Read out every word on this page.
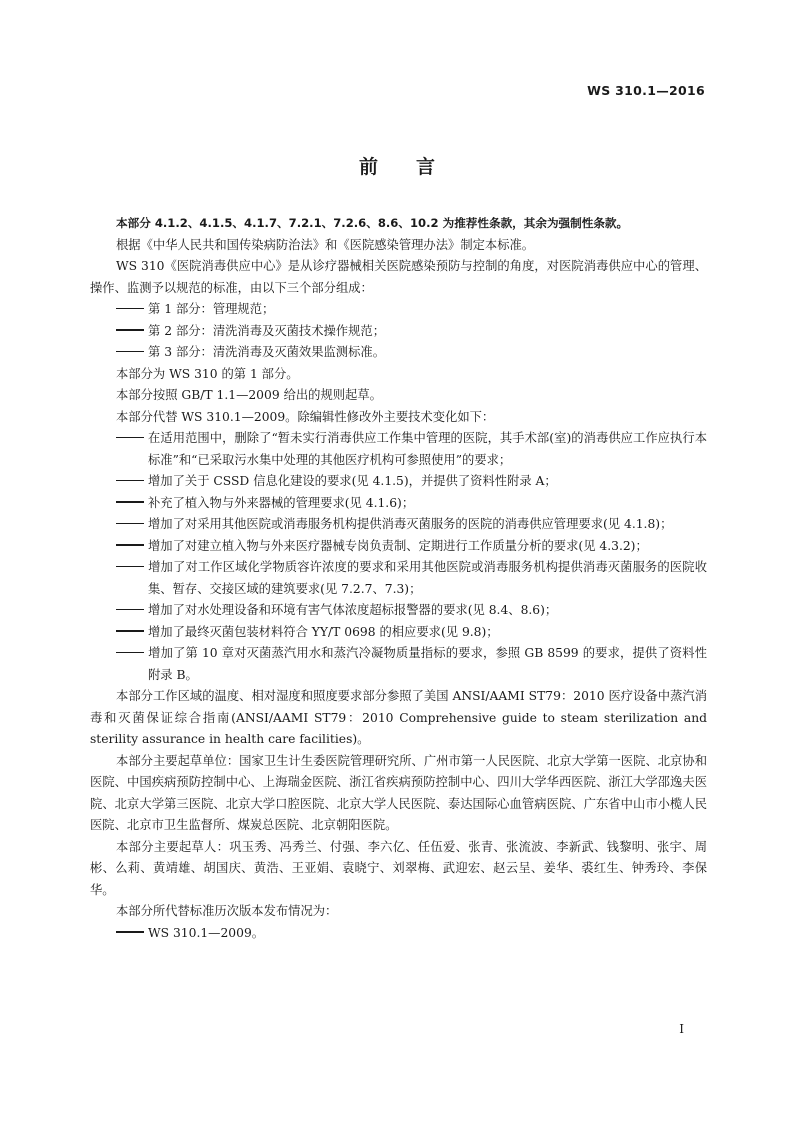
WS 310.1—2016
前言

本部分 4.1.2、4.1.5、4.1.7、7.2.1、7.2.6、8.6、10.2 为推荐性条款，其余为强制性条款。

根据《中华人民共和国传染病防治法》和《医院感染管理办法》制定本标准。

WS 310《医院消毒供应中心》是从诊疗器械相关医院感染预防与控制的角度，对医院消毒供应中心的管理、操作、监测予以规范的标准，由以下三个部分组成：

第 1 部分：管理规范；

第 2 部分：清洗消毒及灭菌技术操作规范；

第 3 部分：清洗消毒及灭菌效果监测标准。

本部分为 WS 310 的第 1 部分。

本部分按照 GB/T 1.1—2009 给出的规则起草。

本部分代替 WS 310.1—2009。除编辑性修改外主要技术变化如下：

在适用范围中，删除了“暂未实行消毒供应工作集中管理的医院，其手术部(室)的消毒供应工作应执行本标准”和“已采取污水集中处理的其他医疗机构可参照使用”的要求；

增加了关于 CSSD 信息化建设的要求(见 4.1.5)，并提供了资料性附录 A；

补充了植入物与外来器械的管理要求(见 4.1.6)；

增加了对采用其他医院或消毒服务机构提供消毒灭菌服务的医院的消毒供应管理要求(见 4.1.8)；

增加了对建立植入物与外来医疗器械专岗负责制、定期进行工作质量分析的要求(见 4.3.2)；

增加了对工作区域化学物质容许浓度的要求和采用其他医院或消毒服务机构提供消毒灭菌服务的医院收集、暂存、交接区域的建筑要求(见 7.2.7、7.3)；

增加了对水处理设备和环境有害气体浓度超标报警器的要求(见 8.4、8.6)；

增加了最终灭菌包装材料符合 YY/T 0698 的相应要求(见 9.8)；

增加了第 10 章对灭菌蒸汽用水和蒸汽冷凝物质量指标的要求，参照 GB 8599 的要求，提供了资料性附录 B。

本部分工作区域的温度、相对湿度和照度要求部分参照了美国 ANSI/AAMI ST79：2010 医疗设备中蒸汽消毒和灭菌保证综合指南(ANSI/AAMI ST79：2010 Comprehensive guide to steam sterilization and sterility assurance in health care facilities)。

本部分主要起草单位：国家卫生计生委医院管理研究所、广州市第一人民医院、北京大学第一医院、北京协和医院、中国疾病预防控制中心、上海瑞金医院、浙江省疾病预防控制中心、四川大学华西医院、浙江大学邵逸夫医院、北京大学第三医院、北京大学口腔医院、北京大学人民医院、泰达国际心血管病医院、广东省中山市小榄人民医院、北京市卫生监督所、煤炭总医院、北京朝阳医院。

本部分主要起草人：巩玉秀、冯秀兰、付强、李六亿、任伍爱、张青、张流波、李新武、钱黎明、张宇、周彬、么莉、黄靖雄、胡国庆、黄浩、王亚娟、袁晓宁、刘翠梅、武迎宏、赵云呈、姜华、裘红生、钟秀玲、李保华。

本部分所代替标准历次版本发布情况为：

WS 310.1—2009。

I
